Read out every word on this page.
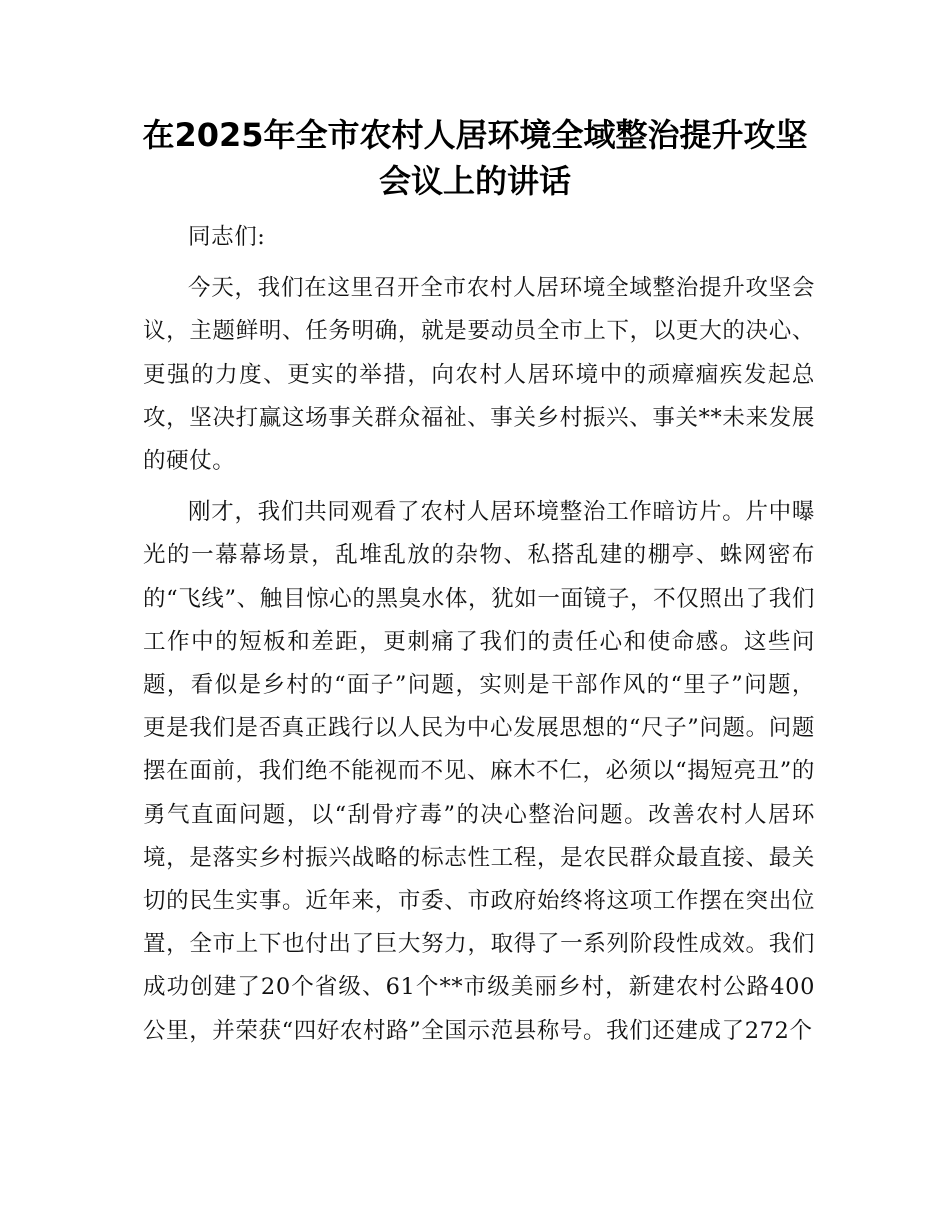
在2025年全市农村人居环境全域整治提升攻坚
会议上的讲话

同志们:

今天，我们在这里召开全市农村人居环境全域整治提升攻坚会议，主题鲜明、任务明确，就是要动员全市上下，以更大的决心、更强的力度、更实的举措，向农村人居环境中的顽瘴痼疾发起总攻，坚决打赢这场事关群众福祉、事关乡村振兴、事关**未来发展的硬仗。

刚才，我们共同观看了农村人居环境整治工作暗访片。片中曝光的一幕幕场景，乱堆乱放的杂物、私搭乱建的棚亭、蛛网密布的“飞线”、触目惊心的黑臭水体，犹如一面镜子，不仅照出了我们工作中的短板和差距，更刺痛了我们的责任心和使命感。这些问题，看似是乡村的“面子”问题，实则是干部作风的“里子”问题，更是我们是否真正践行以人民为中心发展思想的“尺子”问题。问题摆在面前，我们绝不能视而不见、麻木不仁，必须以“揭短亮丑”的勇气直面问题，以“刮骨疗毒”的决心整治问题。改善农村人居环境，是落实乡村振兴战略的标志性工程，是农民群众最直接、最关切的民生实事。近年来，市委、市政府始终将这项工作摆在突出位置，全市上下也付出了巨大努力，取得了一系列阶段性成效。我们成功创建了20个省级、61个**市级美丽乡村，新建农村公路400公里，并荣获“四好农村路”全国示范县称号。我们还建成了272个
